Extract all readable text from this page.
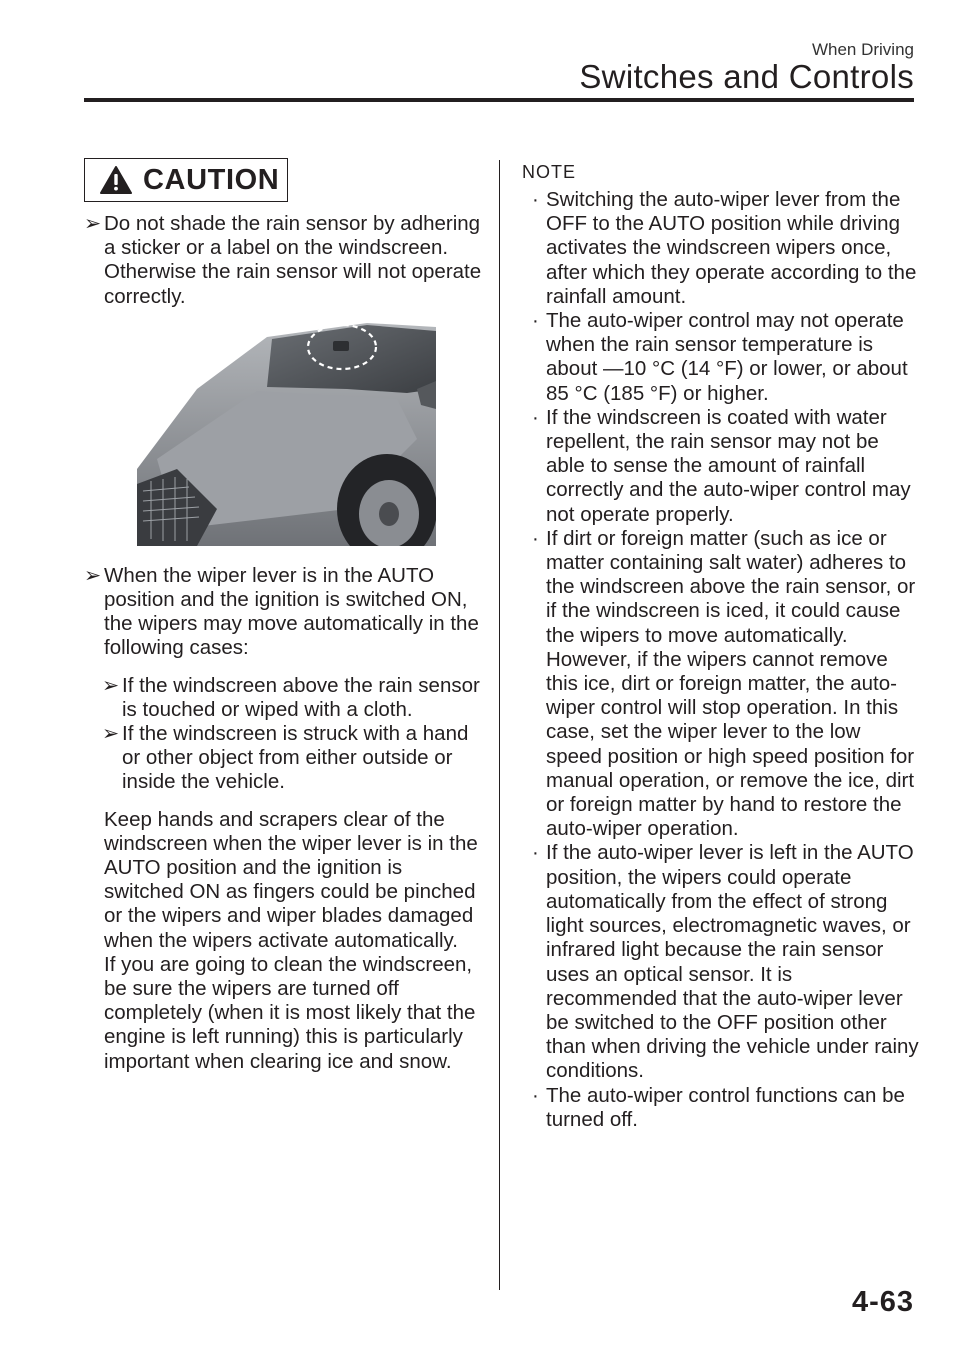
When Driving
Switches and Controls
CAUTION
➢ Do not shade the rain sensor by adhering a sticker or a label on the windscreen. Otherwise the rain sensor will not operate correctly.
➢ When the wiper lever is in the AUTO position and the ignition is switched ON, the wipers may move automatically in the following cases:
➢ If the windscreen above the rain sensor is touched or wiped with a cloth.
➢ If the windscreen is struck with a hand or other object from either outside or inside the vehicle.
Keep hands and scrapers clear of the windscreen when the wiper lever is in the AUTO position and the ignition is switched ON as fingers could be pinched or the wipers and wiper blades damaged when the wipers activate automatically.
If you are going to clean the windscreen, be sure the wipers are turned off completely (when it is most likely that the engine is left running) this is particularly important when clearing ice and snow.
NOTE
· Switching the auto-wiper lever from the OFF to the AUTO position while driving activates the windscreen wipers once, after which they operate according to the rainfall amount.
· The auto-wiper control may not operate when the rain sensor temperature is about —10 °C (14 °F) or lower, or about 85 °C (185 °F) or higher.
· If the windscreen is coated with water repellent, the rain sensor may not be able to sense the amount of rainfall correctly and the auto-wiper control may not operate properly.
· If dirt or foreign matter (such as ice or matter containing salt water) adheres to the windscreen above the rain sensor, or if the windscreen is iced, it could cause the wipers to move automatically. However, if the wipers cannot remove this ice, dirt or foreign matter, the auto-wiper control will stop operation. In this case, set the wiper lever to the low speed position or high speed position for manual operation, or remove the ice, dirt or foreign matter by hand to restore the auto-wiper operation.
· If the auto-wiper lever is left in the AUTO position, the wipers could operate automatically from the effect of strong light sources, electromagnetic waves, or infrared light because the rain sensor uses an optical sensor. It is recommended that the auto-wiper lever be switched to the OFF position other than when driving the vehicle under rainy conditions.
· The auto-wiper control functions can be turned off.
4-63
